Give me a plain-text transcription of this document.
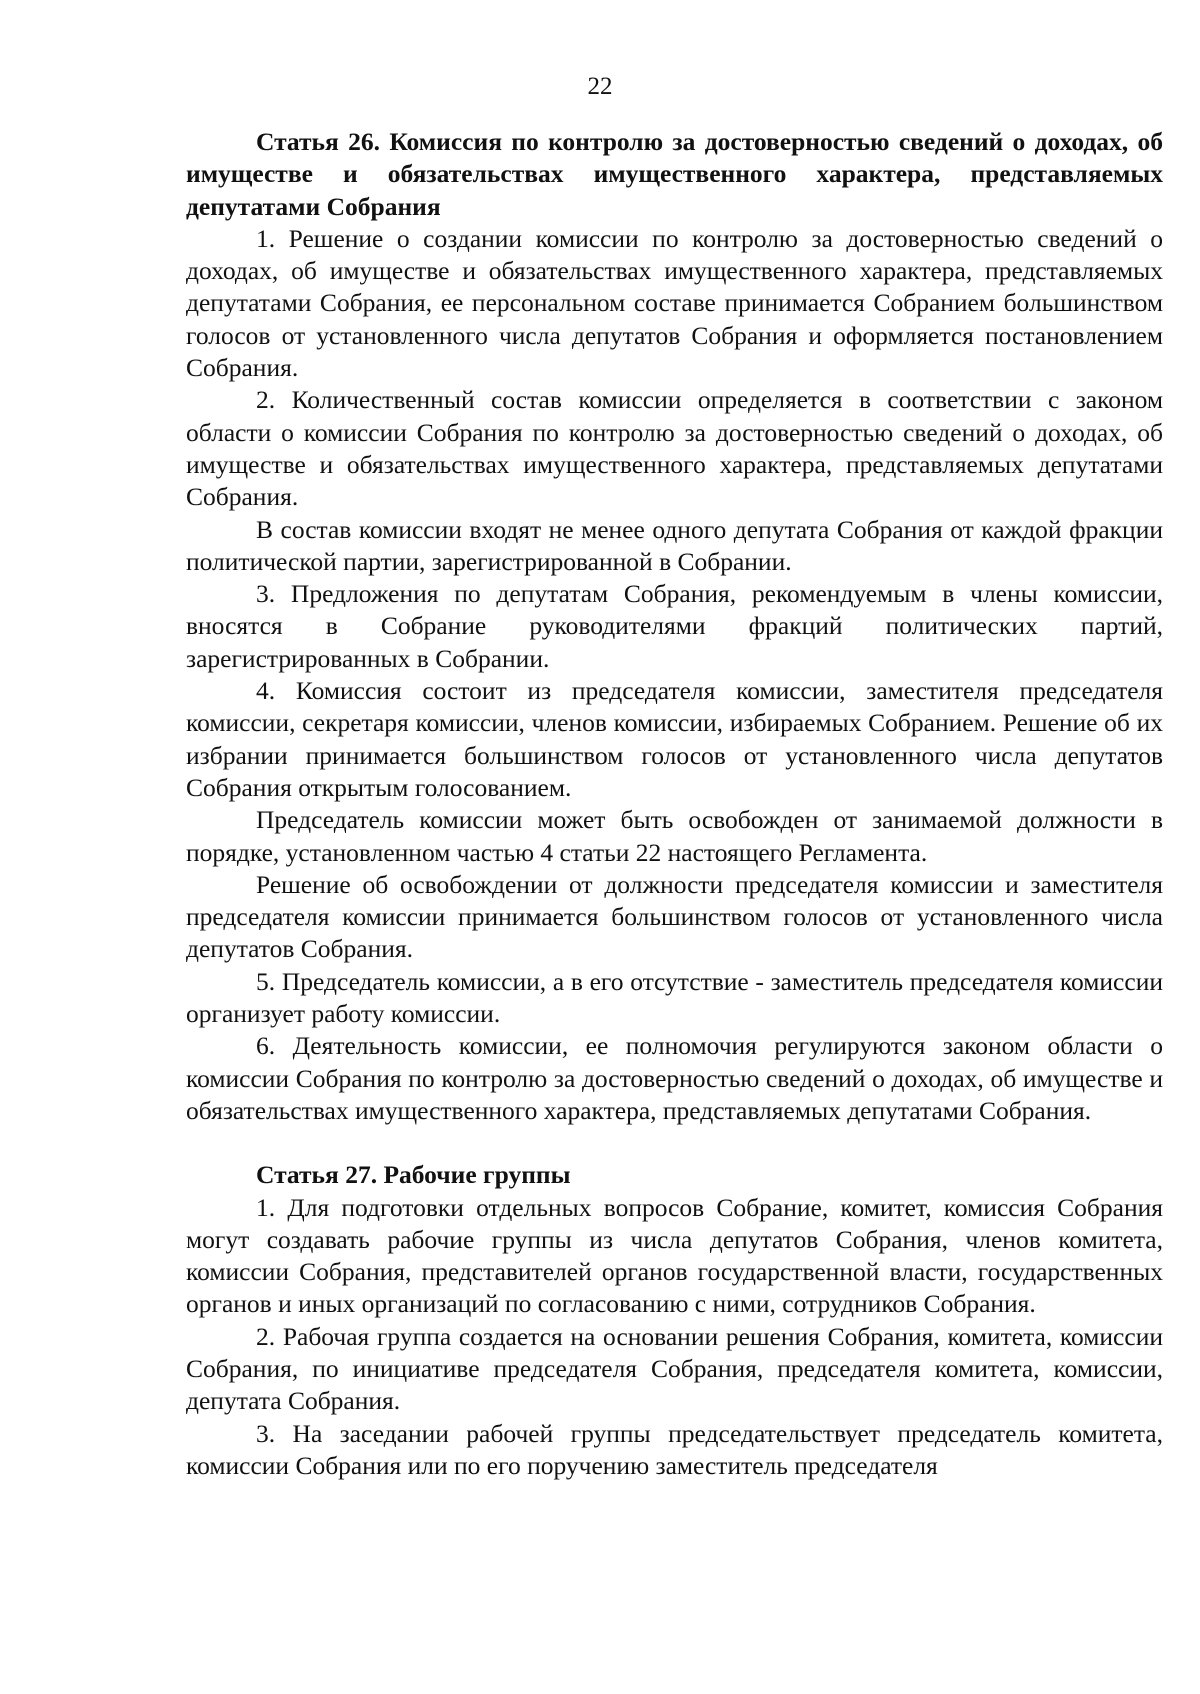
22

Статья 26. Комиссия по контролю за достоверностью сведений о доходах, об имуществе и обязательствах имущественного характера, представляемых депутатами Собрания

1. Решение о создании комиссии по контролю за достоверностью сведений о доходах, об имуществе и обязательствах имущественного характера, представляемых депутатами Собрания, ее персональном составе принимается Собранием большинством голосов от установленного числа депутатов Собрания и оформляется постановлением Собрания.

2. Количественный состав комиссии определяется в соответствии с законом области о комиссии Собрания по контролю за достоверностью сведений о доходах, об имуществе и обязательствах имущественного характера, представляемых депутатами Собрания.

В состав комиссии входят не менее одного депутата Собрания от каждой фракции политической партии, зарегистрированной в Собрании.

3. Предложения по депутатам Собрания, рекомендуемым в члены комиссии, вносятся в Собрание руководителями фракций политических партий, зарегистрированных в Собрании.

4. Комиссия состоит из председателя комиссии, заместителя председателя комиссии, секретаря комиссии, членов комиссии, избираемых Собранием. Решение об их избрании принимается большинством голосов от установленного числа депутатов Собрания открытым голосованием.

Председатель комиссии может быть освобожден от занимаемой должности в порядке, установленном частью 4 статьи 22 настоящего Регламента.

Решение об освобождении от должности председателя комиссии и заместителя председателя комиссии принимается большинством голосов от установленного числа депутатов Собрания.

5. Председатель комиссии, а в его отсутствие - заместитель председателя комиссии организует работу комиссии.

6. Деятельность комиссии, ее полномочия регулируются законом области о комиссии Собрания по контролю за достоверностью сведений о доходах, об имуществе и обязательствах имущественного характера, представляемых депутатами Собрания.

Статья 27. Рабочие группы

1. Для подготовки отдельных вопросов Собрание, комитет, комиссия Собрания могут создавать рабочие группы из числа депутатов Собрания, членов комитета, комиссии Собрания, представителей органов государственной власти, государственных органов и иных организаций по согласованию с ними, сотрудников Собрания.

2. Рабочая группа создается на основании решения Собрания, комитета, комиссии Собрания, по инициативе председателя Собрания, председателя комитета, комиссии, депутата Собрания.

3. На заседании рабочей группы председательствует председатель комитета, комиссии Собрания или по его поручению заместитель председателя
